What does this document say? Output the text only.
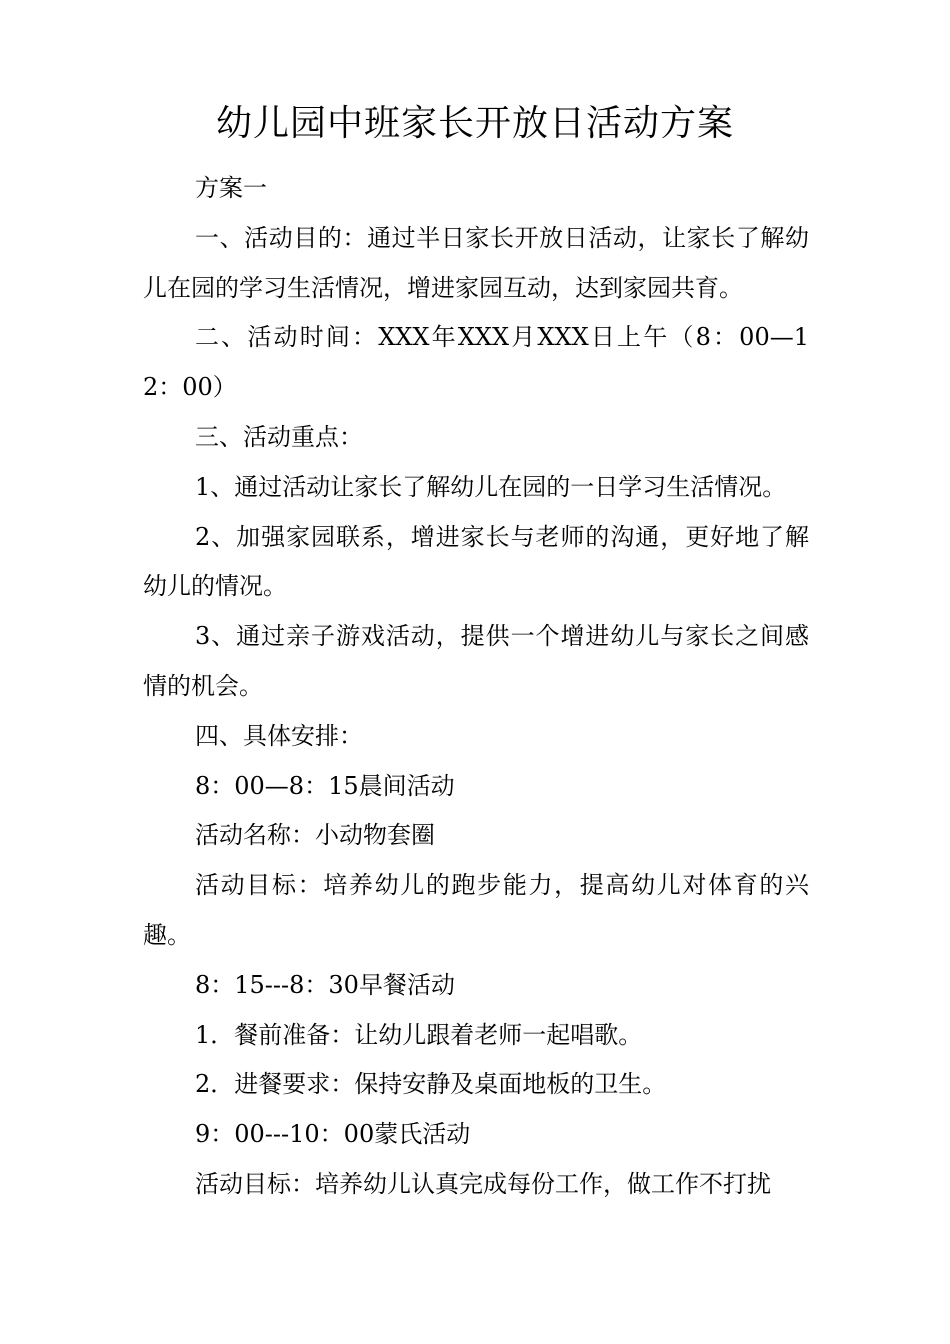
幼儿园中班家长开放日活动方案

方案一

一、活动目的：通过半日家长开放日活动，让家长了解幼儿在园的学习生活情况，增进家园互动，达到家园共育。

二、活动时间：XXX年XXX月XXX日上午（8：00—12：00）

三、活动重点：

1、通过活动让家长了解幼儿在园的一日学习生活情况。

2、加强家园联系，增进家长与老师的沟通，更好地了解幼儿的情况。

3、通过亲子游戏活动，提供一个增进幼儿与家长之间感情的机会。

四、具体安排：

8：00—8：15晨间活动

活动名称：小动物套圈

活动目标：培养幼儿的跑步能力，提高幼儿对体育的兴趣。

8：15---8：30早餐活动

1．餐前准备：让幼儿跟着老师一起唱歌。

2．进餐要求：保持安静及桌面地板的卫生。

9：00---10：00蒙氏活动

活动目标：培养幼儿认真完成每份工作，做工作不打扰
